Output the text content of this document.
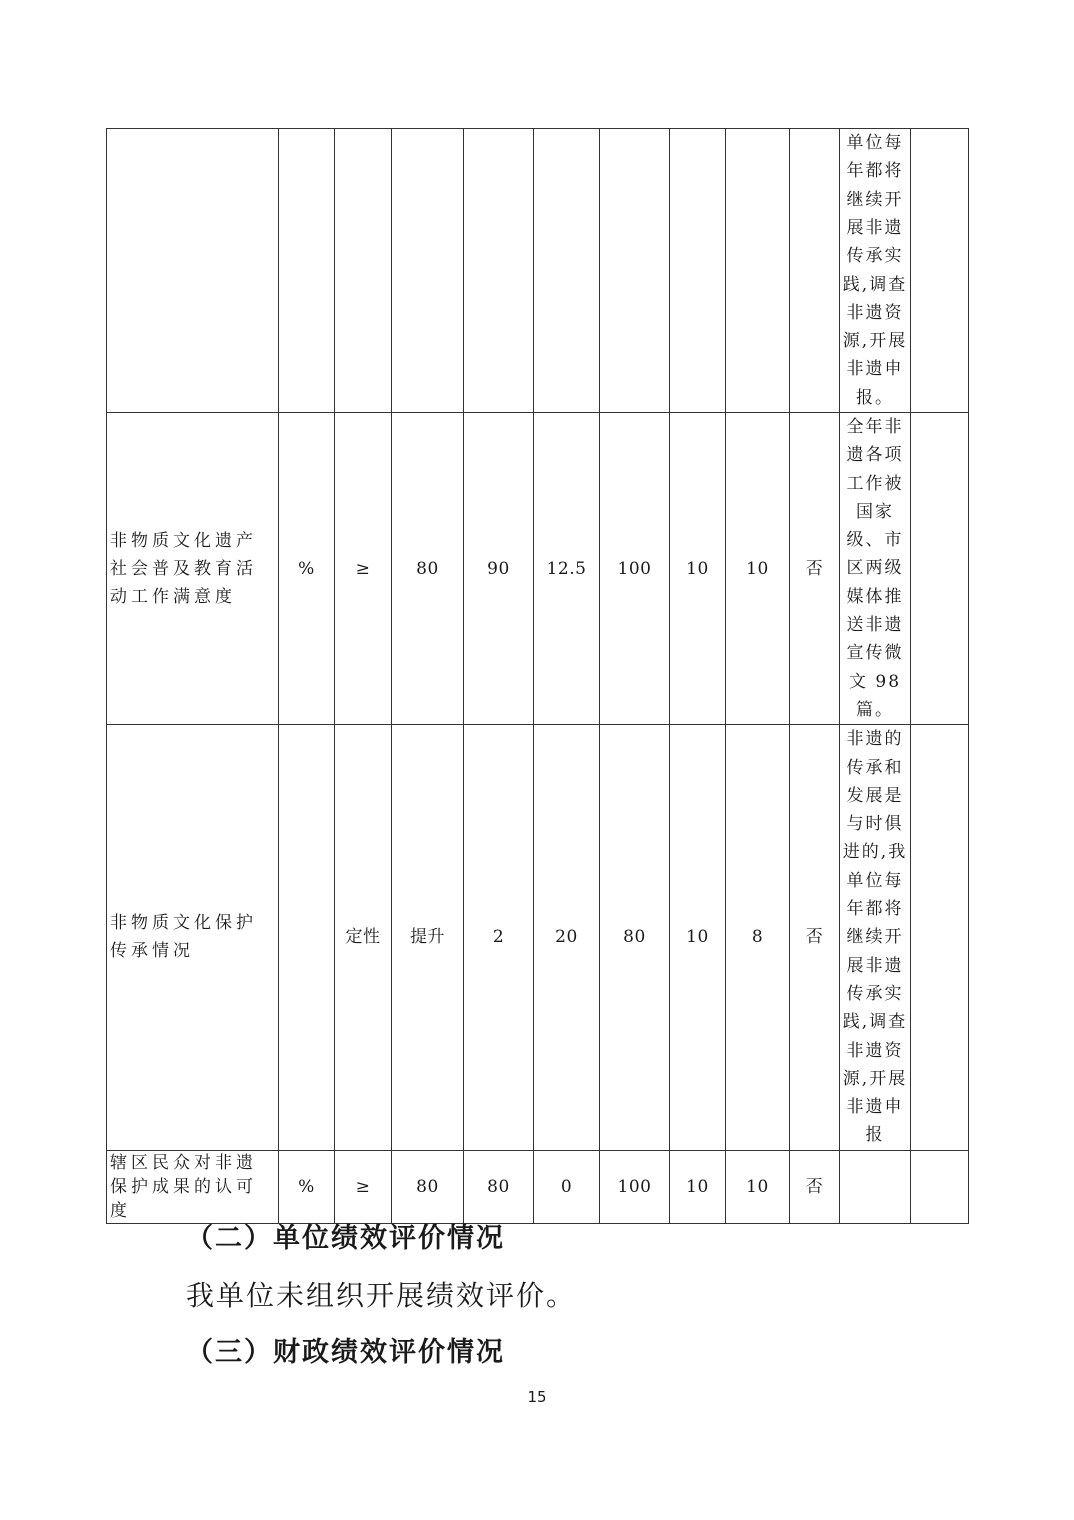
										单位每年都将继续开展非遗传承实践,调查非遗资源,开展非遗申报。	

非物质文化遗产社会普及教育活动工作满意度	%	≥	80	90	12.5	100	10	10	否	全年非遗各项工作被国家级、市区两级媒体推送非遗宣传微文 98 篇。	

非物质文化保护传承情况		定性	提升	2	20	80	10	8	否	非遗的传承和发展是与时俱进的,我单位每年都将继续开展非遗传承实践,调查非遗资源,开展非遗申报	

辖区民众对非遗保护成果的认可度	%	≥	80	80	0	100	10	10	否	

（二）单位绩效评价情况
我单位未组织开展绩效评价。
（三）财政绩效评价情况
15
